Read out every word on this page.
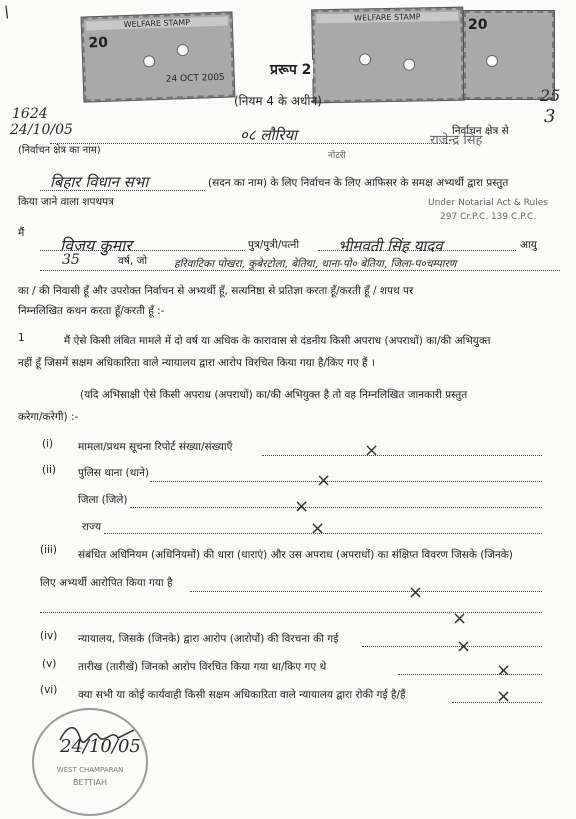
\
WELFARE STAMP
20
24 OCT 2005
WELFARE STAMP	20
प्ररूप 2
(नियम 4 के अधीन)	25
3
1624
24/10/05	०८ लौरिया	निर्वाचन क्षेत्र से
(निर्वाचन क्षेत्र का नाम)	नोटरी
राजेन्द्र सिंह
Under Notarial Act & Rules
297 Cr.P.C. 139 C.P.C.
बिहार विधान सभा	(सदन का नाम) के लिए निर्वाचन के लिए आफिसर के समक्ष अभ्यर्थी द्वारा प्रस्तुत
किया जाने वाला शपथपत्र
मैं
विजय कुमार	पुत्र/पुत्री/पत्नी	भीमवती सिंह यादव	आयु
35	वर्ष, जो	हरिवाटिका पोखरा, कुबेरटोला, बेतिया, थाना-पो० बेतिया, जिला-प०चम्पारण
का / की निवासी हूँ और उपरोक्त निर्वाचन से अभ्यर्थी हूँ, सत्यनिष्ठा से प्रतिज्ञा करता हूँ/करती हूँ / शपथ पर
निम्नलिखित कथन करता हूँ/करती हूँ :-
1	मैं ऐसे किसी लंबित मामले में दो वर्ष या अधिक के कारावास से दंडनीय किसी अपराध (अपराधों) का/की अभियुक्त
नहीं हूँ जिसमें सक्षम अधिकारिता वाले न्यायालय द्वारा आरोप विरचित किया गया है/किए गए हैं ।
(यदि अभिसाक्षी ऐसे किसी अपराध (अपराधों) का/की अभियुक्त है तो वह निम्नलिखित जानकारी प्रस्तुत
करेगा/करेगी) :-
(i) मामला/प्रथम सूचना रिपोर्ट संख्या/संख्याएँ	×
(ii) पुलिस थाना (थाने)	×
जिला (जिले)	×
राज्य	×
(iii) संबंधित अधिनियम (अधिनियमों) की धारा (धाराएं) और उस अपराध (अपराधों) का संक्षिप्त विवरण जिसके (जिनके)
लिए अभ्यर्थी आरोपित किया गया है	×
×
(iv) न्यायालय, जिसके (जिनके) द्वारा आरोप (आरोपों) की विरचना की गई	×
(v) तारीख (तारीखें) जिनको आरोप विरचित किया गया था/किए गए थे	×
(vi) क्या सभी या कोई कार्यवाही किसी सक्षम अधिकारिता वाले न्यायालय द्वारा रोकी गई है/हैं	×
WEST CHAMPARAN
BETTIAH
24/10/05
